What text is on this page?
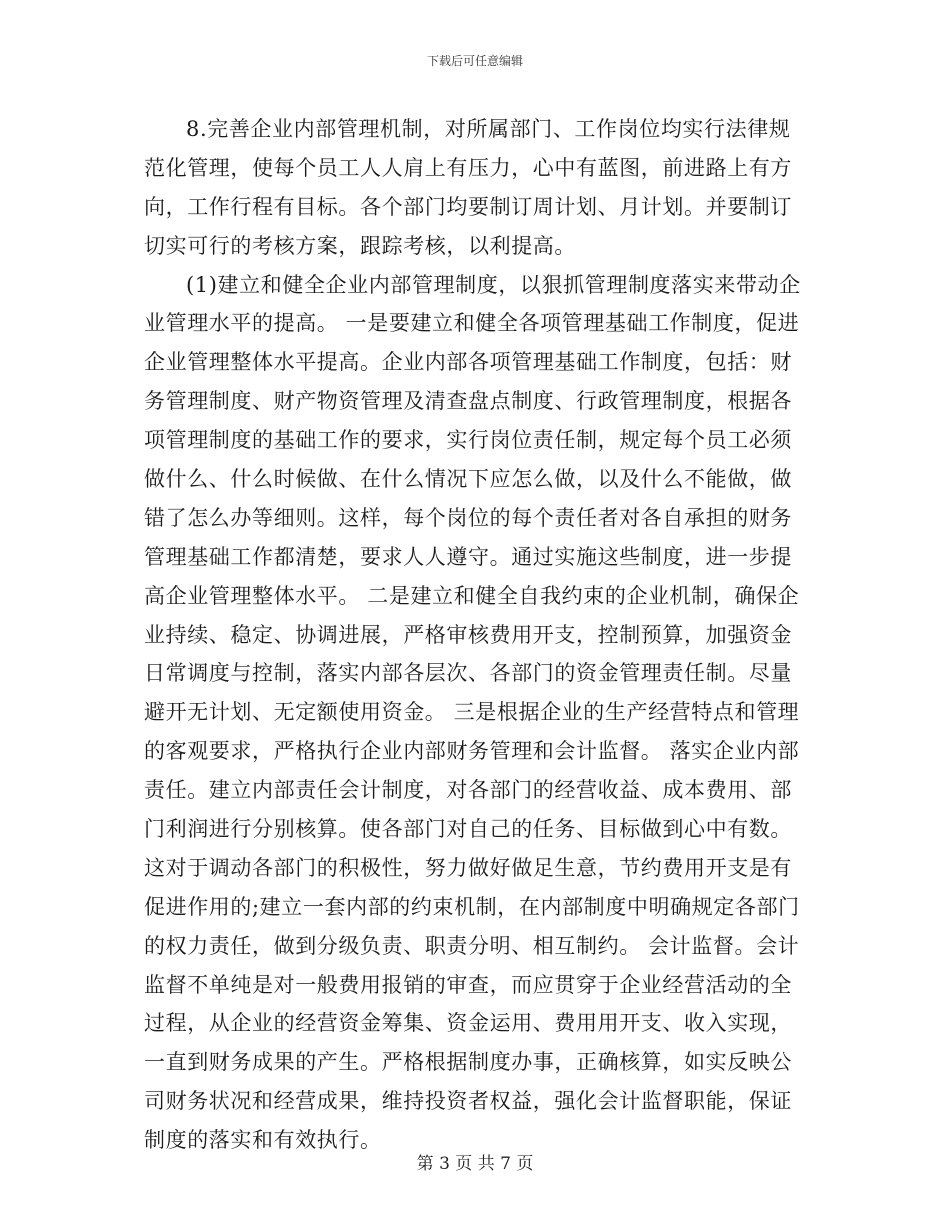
下载后可任意编辑
8.完善企业内部管理机制，对所属部门、工作岗位均实行法律规
范化管理，使每个员工人人肩上有压力，心中有蓝图，前进路上有方
向，工作行程有目标。各个部门均要制订周计划、月计划。并要制订
切实可行的考核方案，跟踪考核，以利提高。
(1)建立和健全企业内部管理制度，以狠抓管理制度落实来带动企
业管理水平的提高。 一是要建立和健全各项管理基础工作制度，促进
企业管理整体水平提高。企业内部各项管理基础工作制度，包括：财
务管理制度、财产物资管理及清查盘点制度、行政管理制度，根据各
项管理制度的基础工作的要求，实行岗位责任制，规定每个员工必须
做什么、什么时候做、在什么情况下应怎么做，以及什么不能做，做
错了怎么办等细则。这样，每个岗位的每个责任者对各自承担的财务
管理基础工作都清楚，要求人人遵守。通过实施这些制度，进一步提
高企业管理整体水平。 二是建立和健全自我约束的企业机制，确保企
业持续、稳定、协调进展，严格审核费用开支，控制预算，加强资金
日常调度与控制，落实内部各层次、各部门的资金管理责任制。尽量
避开无计划、无定额使用资金。 三是根据企业的生产经营特点和管理
的客观要求，严格执行企业内部财务管理和会计监督。 落实企业内部
责任。建立内部责任会计制度，对各部门的经营收益、成本费用、部
门利润进行分别核算。使各部门对自己的任务、目标做到心中有数。
这对于调动各部门的积极性，努力做好做足生意，节约费用开支是有
促进作用的;建立一套内部的约束机制，在内部制度中明确规定各部门
的权力责任，做到分级负责、职责分明、相互制约。 会计监督。会计
监督不单纯是对一般费用报销的审查，而应贯穿于企业经营活动的全
过程，从企业的经营资金筹集、资金运用、费用用开支、收入实现，
一直到财务成果的产生。严格根据制度办事，正确核算，如实反映公
司财务状况和经营成果，维持投资者权益，强化会计监督职能，保证
制度的落实和有效执行。
第 3 页 共 7 页
